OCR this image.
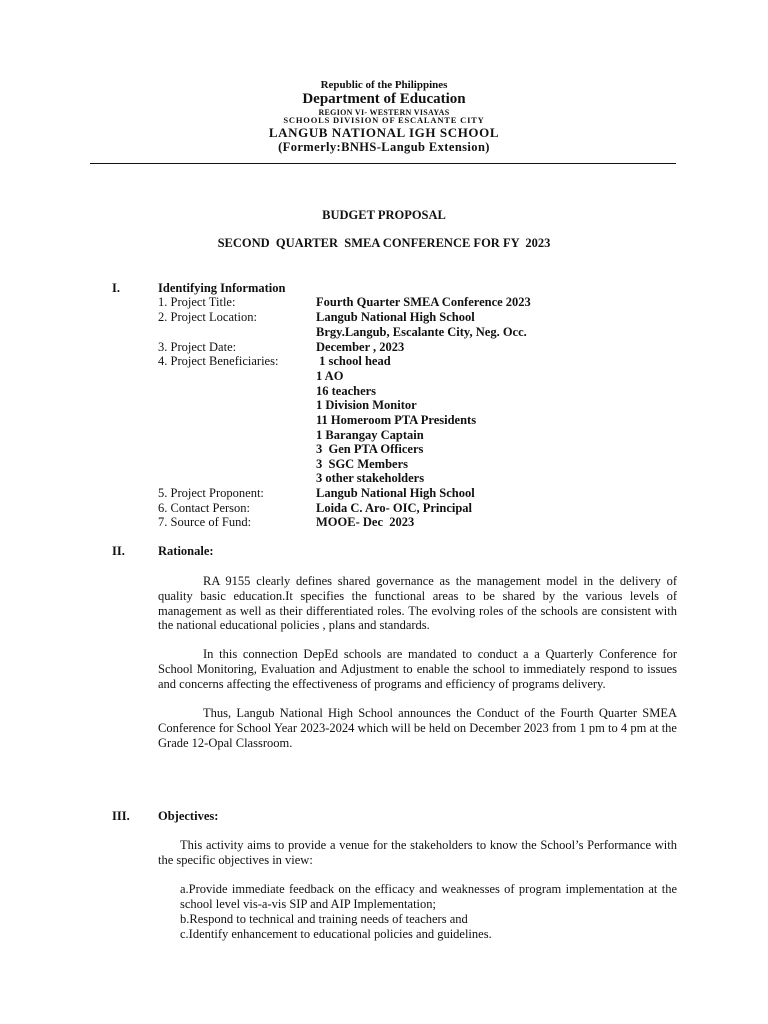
Republic of the Philippines
Department of Education
REGION VI- WESTERN VISAYAS
SCHOOLS DIVISION OF ESCALANTE CITY
LANGUB NATIONAL IGH SCHOOL
(Formerly:BNHS-Langub Extension)
BUDGET PROPOSAL
SECOND  QUARTER  SMEA CONFERENCE FOR FY  2023
I.	Identifying Information
1. Project Title:	Fourth Quarter SMEA Conference 2023
2. Project Location:	Langub National High School
Brgy.Langub, Escalante City, Neg. Occ.
3. Project Date:	December , 2023
4. Project Beneficiaries:	1 school head
1 AO
16 teachers
1 Division Monitor
11 Homeroom PTA Presidents
1 Barangay Captain
3  Gen PTA Officers
3  SGC Members
3 other stakeholders
5. Project Proponent:	Langub National High School
6. Contact Person:	Loida C. Aro- OIC, Principal
7. Source of Fund:	MOOE- Dec  2023
II.	Rationale:
RA 9155 clearly defines shared governance as the management model in the delivery of quality basic education.It specifies the functional areas to be shared by the various levels of management as well as their differentiated roles. The evolving roles of the schools are consistent with the national educational policies , plans and standards.
In this connection DepEd schools are mandated to conduct a a Quarterly Conference for School Monitoring, Evaluation and Adjustment to enable the school to immediately respond to issues and concerns affecting the effectiveness of programs and efficiency of programs delivery.
Thus, Langub National High School announces the Conduct of the Fourth Quarter SMEA Conference for School Year 2023-2024 which will be held on December 2023 from 1 pm to 4 pm at the Grade 12-Opal Classroom.
III. Objectives:
This activity aims to provide a venue for the stakeholders to know the School’s Performance with the specific objectives in view:
a.Provide immediate feedback on the efficacy and weaknesses of program implementation at the school level vis-a-vis SIP and AIP Implementation;
b.Respond to technical and training needs of teachers and
c.Identify enhancement to educational policies and guidelines.
